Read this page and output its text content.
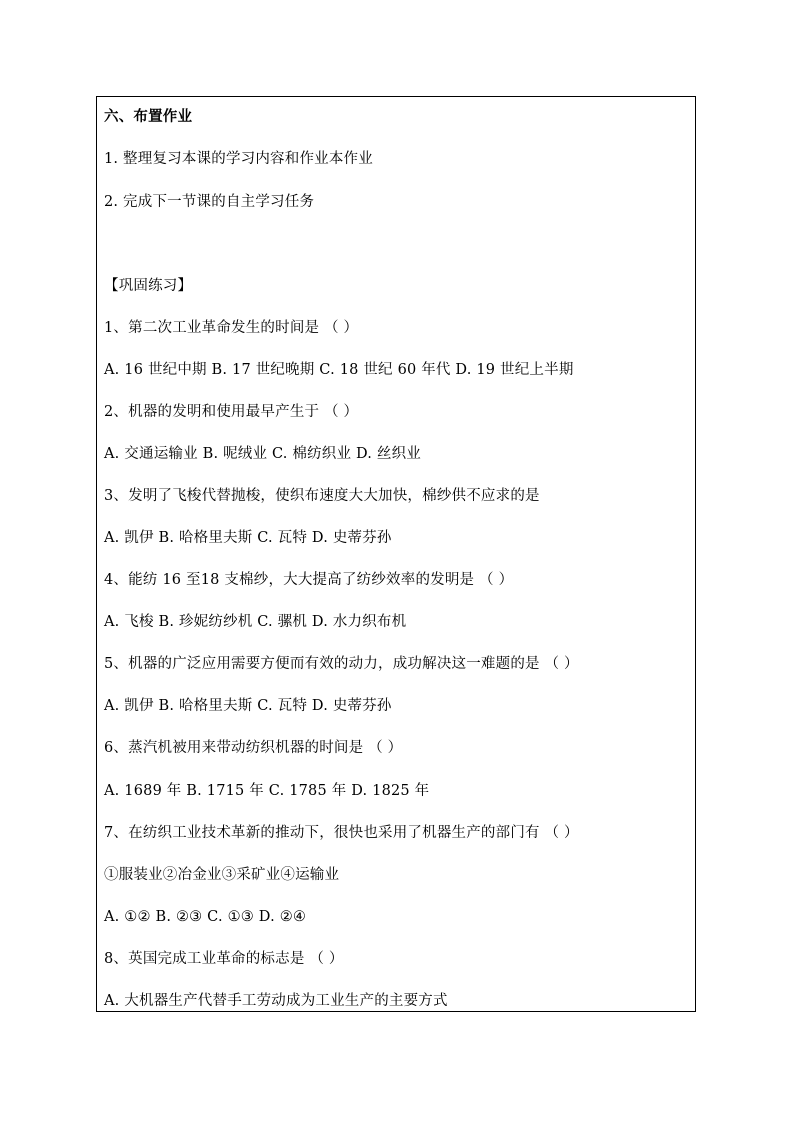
六、布置作业
1. 整理复习本课的学习内容和作业本作业
2. 完成下一节课的自主学习任务
【巩固练习】
1、第二次工业革命发生的时间是 （ ）
A. 16 世纪中期 B. 17 世纪晚期 C. 18 世纪 60 年代 D. 19 世纪上半期
2、机器的发明和使用最早产生于 （ ）
A. 交通运输业 B. 呢绒业 C. 棉纺织业 D. 丝织业
3、发明了飞梭代替抛梭，使织布速度大大加快，棉纱供不应求的是
A. 凯伊 B. 哈格里夫斯 C. 瓦特 D. 史蒂芬孙
4、能纺 16 至18 支棉纱，大大提高了纺纱效率的发明是 （ ）
A. 飞梭 B. 珍妮纺纱机 C. 骡机 D. 水力织布机
5、机器的广泛应用需要方便而有效的动力，成功解决这一难题的是 （ ）
A. 凯伊 B. 哈格里夫斯 C. 瓦特 D. 史蒂芬孙
6、蒸汽机被用来带动纺织机器的时间是 （ ）
A. 1689 年 B. 1715 年 C. 1785 年 D. 1825 年
7、在纺织工业技术革新的推动下，很快也采用了机器生产的部门有 （ ）
①服装业②冶金业③采矿业④运输业
A. ①② B. ②③ C. ①③ D. ②④
8、英国完成工业革命的标志是 （ ）
A. 大机器生产代替手工劳动成为工业生产的主要方式
